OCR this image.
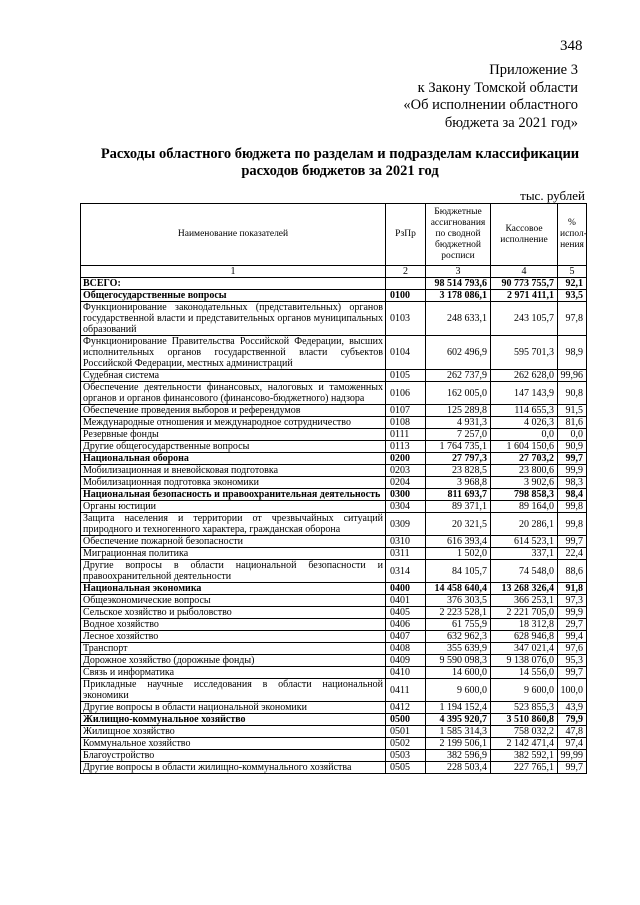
348
Приложение 3
к Закону Томской области
«Об исполнении областного
бюджета за 2021 год»
Расходы областного бюджета по разделам и подразделам классификации
расходов бюджетов за 2021 год
тыс. рублей
Наименование показателей	РзПр	Бюджетные ассигнования по сводной бюджетной росписи	Кассовое исполнение	% испол-нения
1	2	3	4	5
ВСЕГО:		98 514 793,6	90 773 755,7	92,1
Общегосударственные вопросы	0100	3 178 086,1	2 971 411,1	93,5
Функционирование законодательных (представительных) органов государственной власти и представительных органов муниципальных образований	0103	248 633,1	243 105,7	97,8
Функционирование Правительства Российской Федерации, высших исполнительных органов государственной власти субъектов Российской Федерации, местных администраций	0104	602 496,9	595 701,3	98,9
Судебная система	0105	262 737,9	262 628,0	99,96
Обеспечение деятельности финансовых, налоговых и таможенных органов и органов финансового (финансово-бюджетного) надзора	0106	162 005,0	147 143,9	90,8
Обеспечение проведения выборов и референдумов	0107	125 289,8	114 655,3	91,5
Международные отношения и международное сотрудничество	0108	4 931,3	4 026,3	81,6
Резервные фонды	0111	7 257,0	0,0	0,0
Другие общегосударственные вопросы	0113	1 764 735,1	1 604 150,6	90,9
Национальная оборона	0200	27 797,3	27 703,2	99,7
Мобилизационная и вневойсковая подготовка	0203	23 828,5	23 800,6	99,9
Мобилизационная подготовка экономики	0204	3 968,8	3 902,6	98,3
Национальная безопасность и правоохранительная деятельность	0300	811 693,7	798 858,3	98,4
Органы юстиции	0304	89 371,1	89 164,0	99,8
Защита населения и территории от чрезвычайных ситуаций природного и техногенного характера, гражданская оборона	0309	20 321,5	20 286,1	99,8
Обеспечение пожарной безопасности	0310	616 393,4	614 523,1	99,7
Миграционная политика	0311	1 502,0	337,1	22,4
Другие вопросы в области национальной безопасности и правоохранительной деятельности	0314	84 105,7	74 548,0	88,6
Национальная экономика	0400	14 458 640,4	13 268 326,4	91,8
Общеэкономические вопросы	0401	376 303,5	366 253,1	97,3
Сельское хозяйство и рыболовство	0405	2 223 528,1	2 221 705,0	99,9
Водное хозяйство	0406	61 755,9	18 312,8	29,7
Лесное хозяйство	0407	632 962,3	628 946,8	99,4
Транспорт	0408	355 639,9	347 021,4	97,6
Дорожное хозяйство (дорожные фонды)	0409	9 590 098,3	9 138 076,0	95,3
Связь и информатика	0410	14 600,0	14 556,0	99,7
Прикладные научные исследования в области национальной экономики	0411	9 600,0	9 600,0	100,0
Другие вопросы в области национальной экономики	0412	1 194 152,4	523 855,3	43,9
Жилищно-коммунальное хозяйство	0500	4 395 920,7	3 510 860,8	79,9
Жилищное хозяйство	0501	1 585 314,3	758 032,2	47,8
Коммунальное хозяйство	0502	2 199 506,1	2 142 471,4	97,4
Благоустройство	0503	382 596,9	382 592,1	99,99
Другие вопросы в области жилищно-коммунального хозяйства	0505	228 503,4	227 765,1	99,7
